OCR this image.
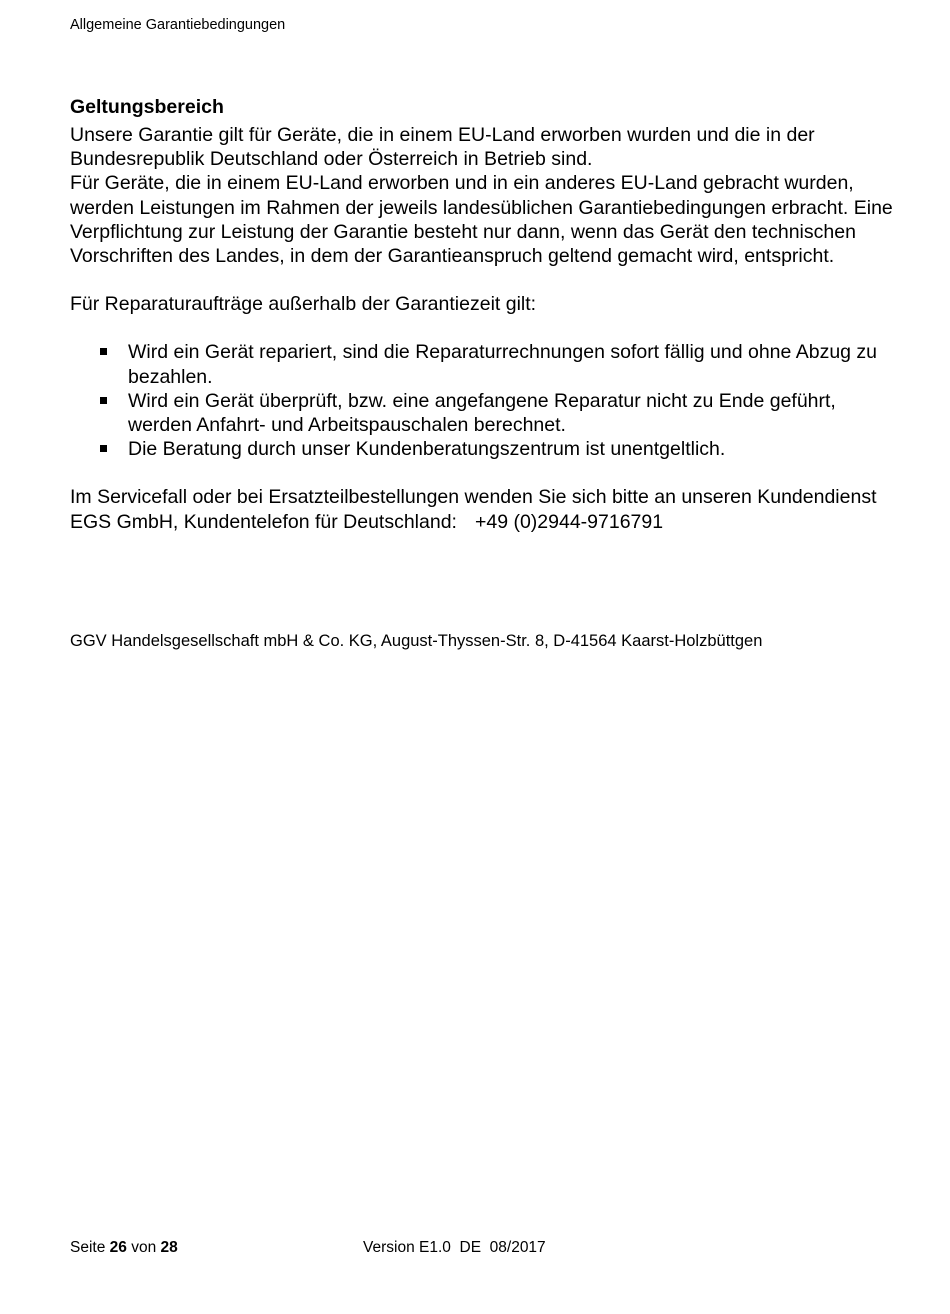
Allgemeine Garantiebedingungen
Geltungsbereich

Unsere Garantie gilt für Geräte, die in einem EU-Land erworben wurden und die in der Bundesrepublik Deutschland oder Österreich in Betrieb sind.

Für Geräte, die in einem EU-Land erworben und in ein anderes EU-Land gebracht wurden, werden Leistungen im Rahmen der jeweils landesüblichen Garantiebedingungen erbracht. Eine Verpflichtung zur Leistung der Garantie besteht nur dann, wenn das Gerät den technischen Vorschriften des Landes, in dem der Garantieanspruch geltend gemacht wird, entspricht.

Für Reparaturaufträge außerhalb der Garantiezeit gilt:

Wird ein Gerät repariert, sind die Reparaturrechnungen sofort fällig und ohne Abzug zu bezahlen.
Wird ein Gerät überprüft, bzw. eine angefangene Reparatur nicht zu Ende geführt, werden Anfahrt- und Arbeitspauschalen berechnet.
Die Beratung durch unser Kundenberatungszentrum ist unentgeltlich.

Im Servicefall oder bei Ersatzteilbestellungen wenden Sie sich bitte an unseren Kundendienst EGS GmbH, Kundentelefon für Deutschland: +49 (0)2944-9716791

GGV Handelsgesellschaft mbH & Co. KG, August-Thyssen-Str. 8, D-41564 Kaarst-Holzbüttgen
Seite 26 von 28	Version E1.0  DE  08/2017
